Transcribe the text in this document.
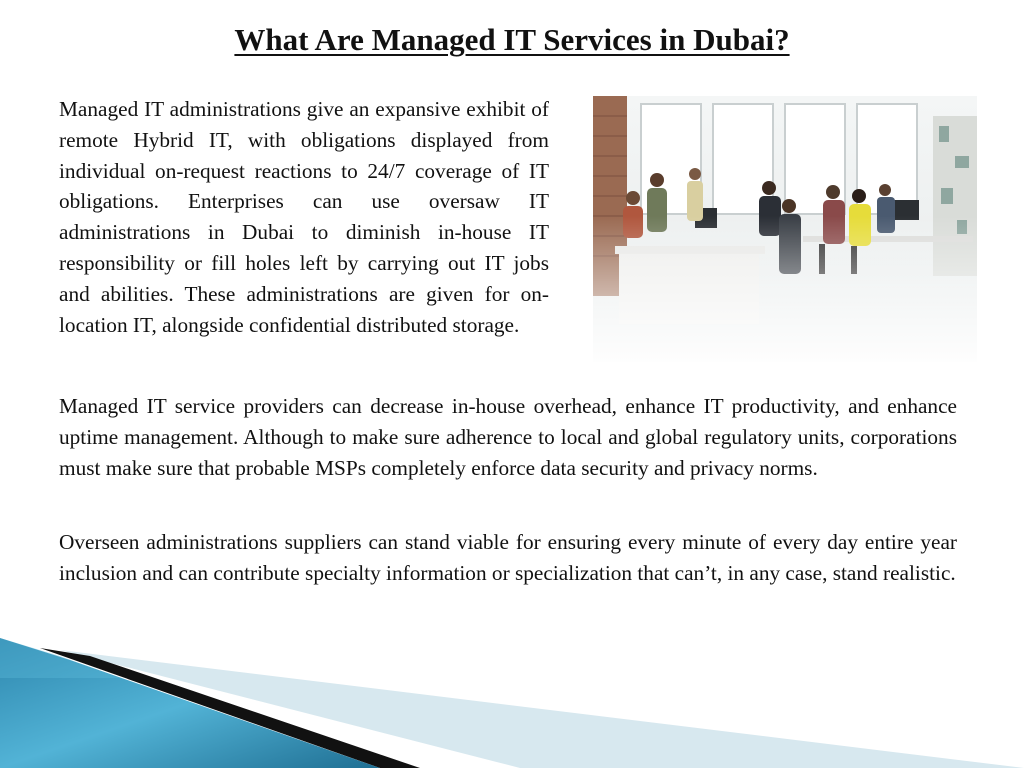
What Are Managed IT Services in Dubai?

Managed IT administrations give an expansive exhibit of remote Hybrid IT, with obligations displayed from individual on-request reactions to 24/7 coverage of IT obligations. Enterprises can use oversaw IT administrations in Dubai to diminish in-house IT responsibility or fill holes left by carrying out IT jobs and abilities. These administrations are given for on-location IT, alongside confidential distributed storage.

Managed IT service providers can decrease in-house overhead, enhance IT productivity, and enhance uptime management. Although to make sure adherence to local and global regulatory units, corporations must make sure that probable MSPs completely enforce data security and privacy norms.

Overseen administrations suppliers can stand viable for ensuring every minute of every day entire year inclusion and can contribute specialty information or specialization that can’t, in any case, stand realistic.
